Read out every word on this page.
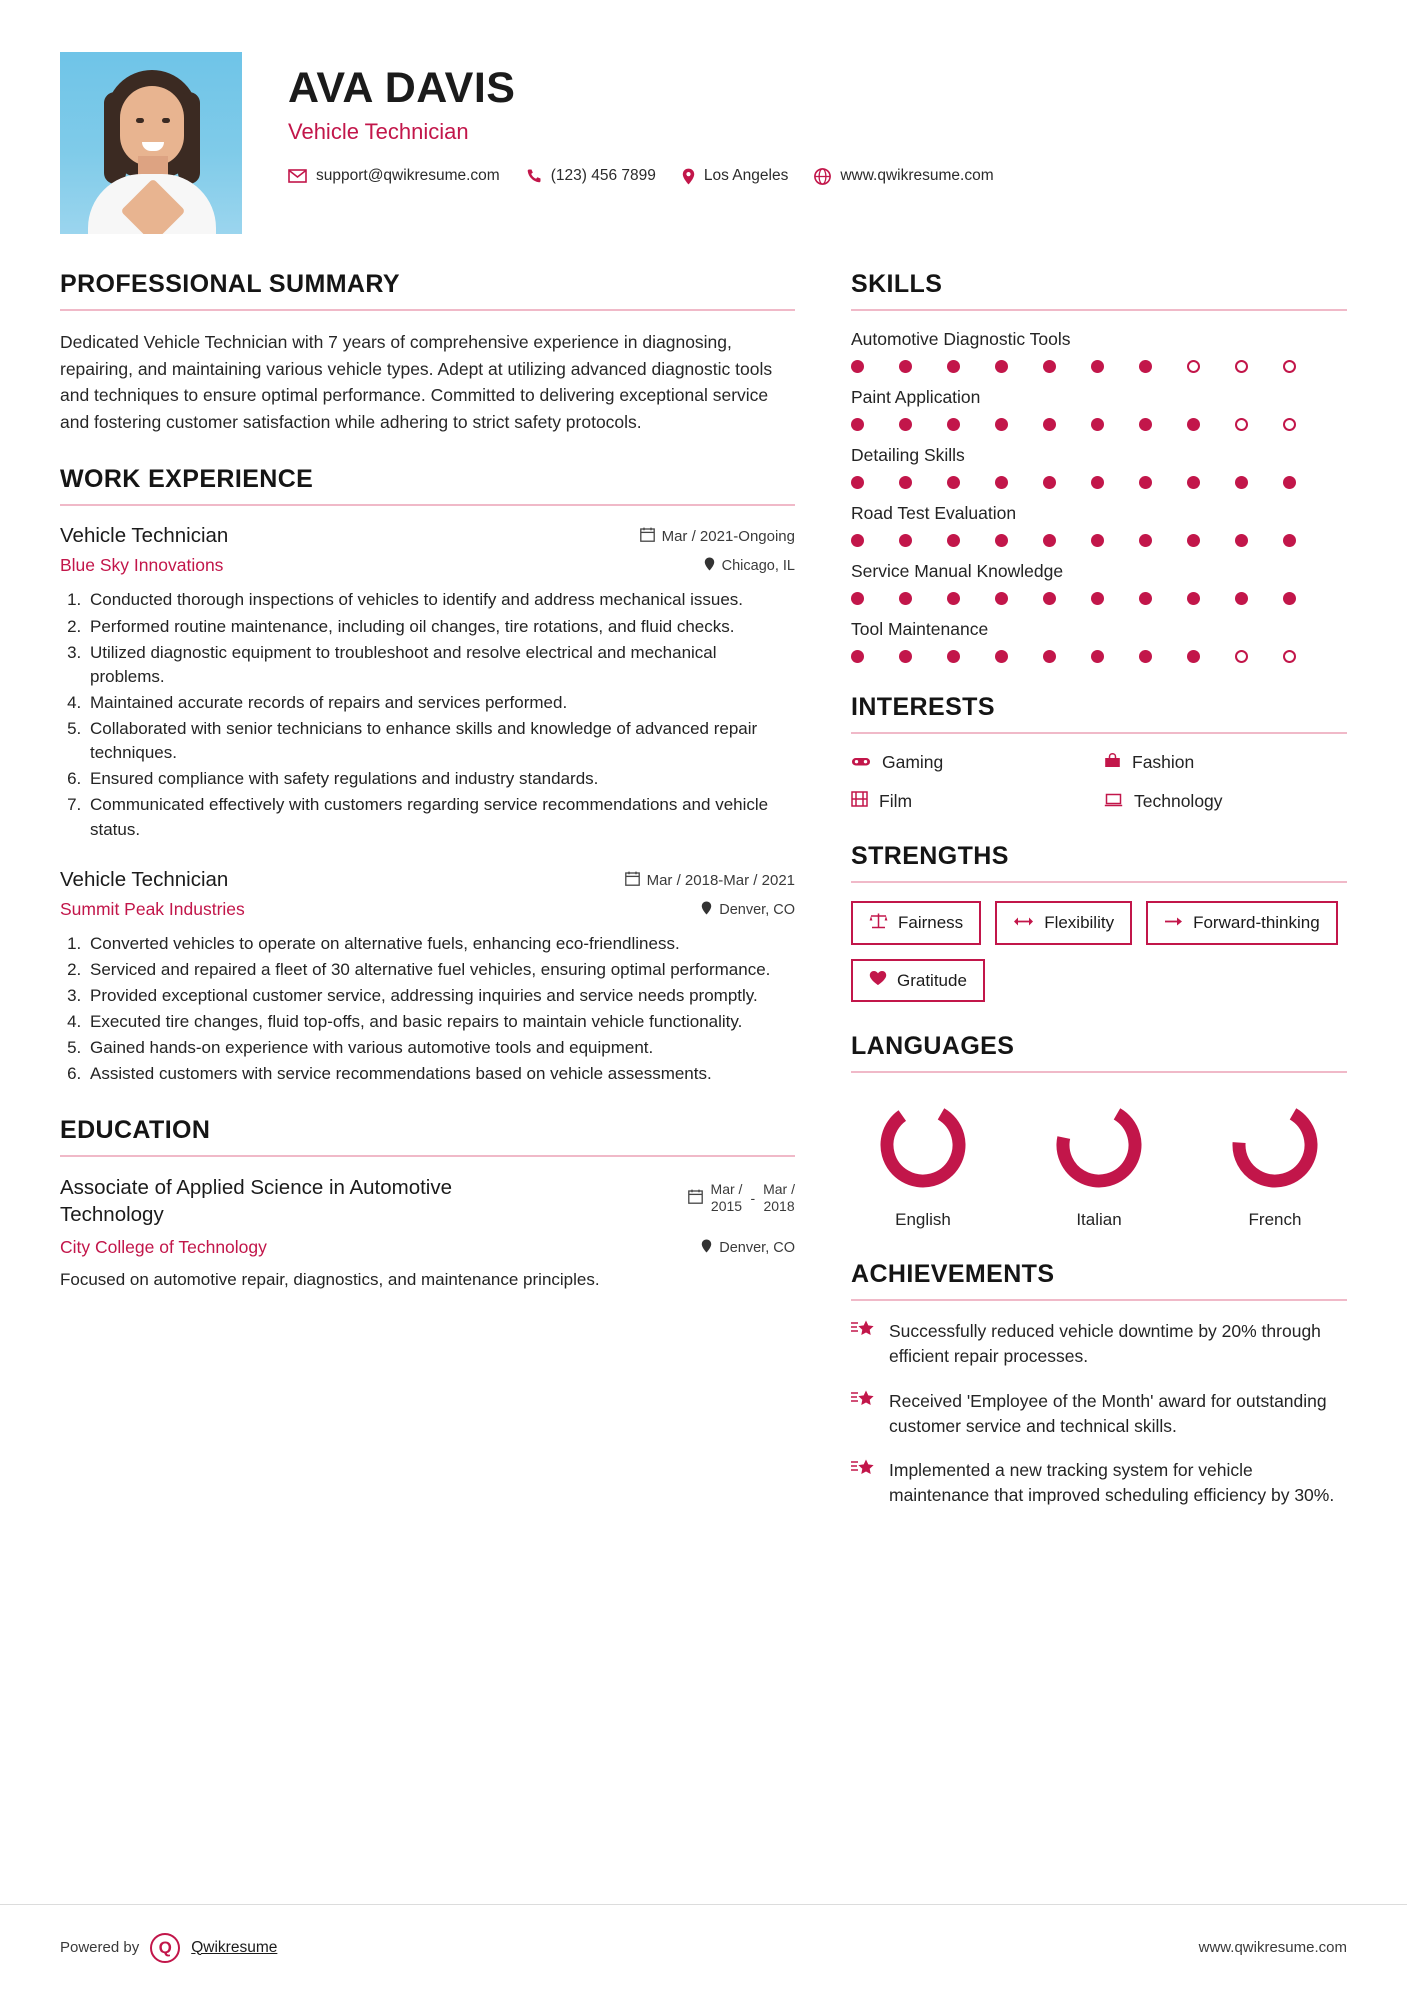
AVA DAVIS
Vehicle Technician
support@qwikresume.com	(123) 456 7899	Los Angeles	www.qwikresume.com
PROFESSIONAL SUMMARY
Dedicated Vehicle Technician with 7 years of comprehensive experience in diagnosing, repairing, and maintaining various vehicle types. Adept at utilizing advanced diagnostic tools and techniques to ensure optimal performance. Committed to delivering exceptional service and fostering customer satisfaction while adhering to strict safety protocols.
WORK EXPERIENCE
Vehicle Technician	Mar / 2021-Ongoing
Blue Sky Innovations	Chicago, IL
1. Conducted thorough inspections of vehicles to identify and address mechanical issues.
2. Performed routine maintenance, including oil changes, tire rotations, and fluid checks.
3. Utilized diagnostic equipment to troubleshoot and resolve electrical and mechanical problems.
4. Maintained accurate records of repairs and services performed.
5. Collaborated with senior technicians to enhance skills and knowledge of advanced repair techniques.
6. Ensured compliance with safety regulations and industry standards.
7. Communicated effectively with customers regarding service recommendations and vehicle status.
Vehicle Technician	Mar / 2018-Mar / 2021
Summit Peak Industries	Denver, CO
1. Converted vehicles to operate on alternative fuels, enhancing eco-friendliness.
2. Serviced and repaired a fleet of 30 alternative fuel vehicles, ensuring optimal performance.
3. Provided exceptional customer service, addressing inquiries and service needs promptly.
4. Executed tire changes, fluid top-offs, and basic repairs to maintain vehicle functionality.
5. Gained hands-on experience with various automotive tools and equipment.
6. Assisted customers with service recommendations based on vehicle assessments.
EDUCATION
Associate of Applied Science in Automotive Technology
Mar /
2015 -
Mar /
2018
City College of Technology	Denver, CO
Focused on automotive repair, diagnostics, and maintenance principles.
SKILLS
Automotive Diagnostic Tools
Paint Application
Detailing Skills
Road Test Evaluation
Service Manual Knowledge
Tool Maintenance
INTERESTS
Gaming	Fashion
Film	Technology
STRENGTHS
Fairness	Flexibility	Forward-thinking
Gratitude
LANGUAGES
English	Italian	French
ACHIEVEMENTS
Successfully reduced vehicle downtime by 20% through efficient repair processes.
Received 'Employee of the Month' award for outstanding customer service and technical skills.
Implemented a new tracking system for vehicle maintenance that improved scheduling efficiency by 30%.
Powered by	Q	Qwikresume	www.qwikresume.com
